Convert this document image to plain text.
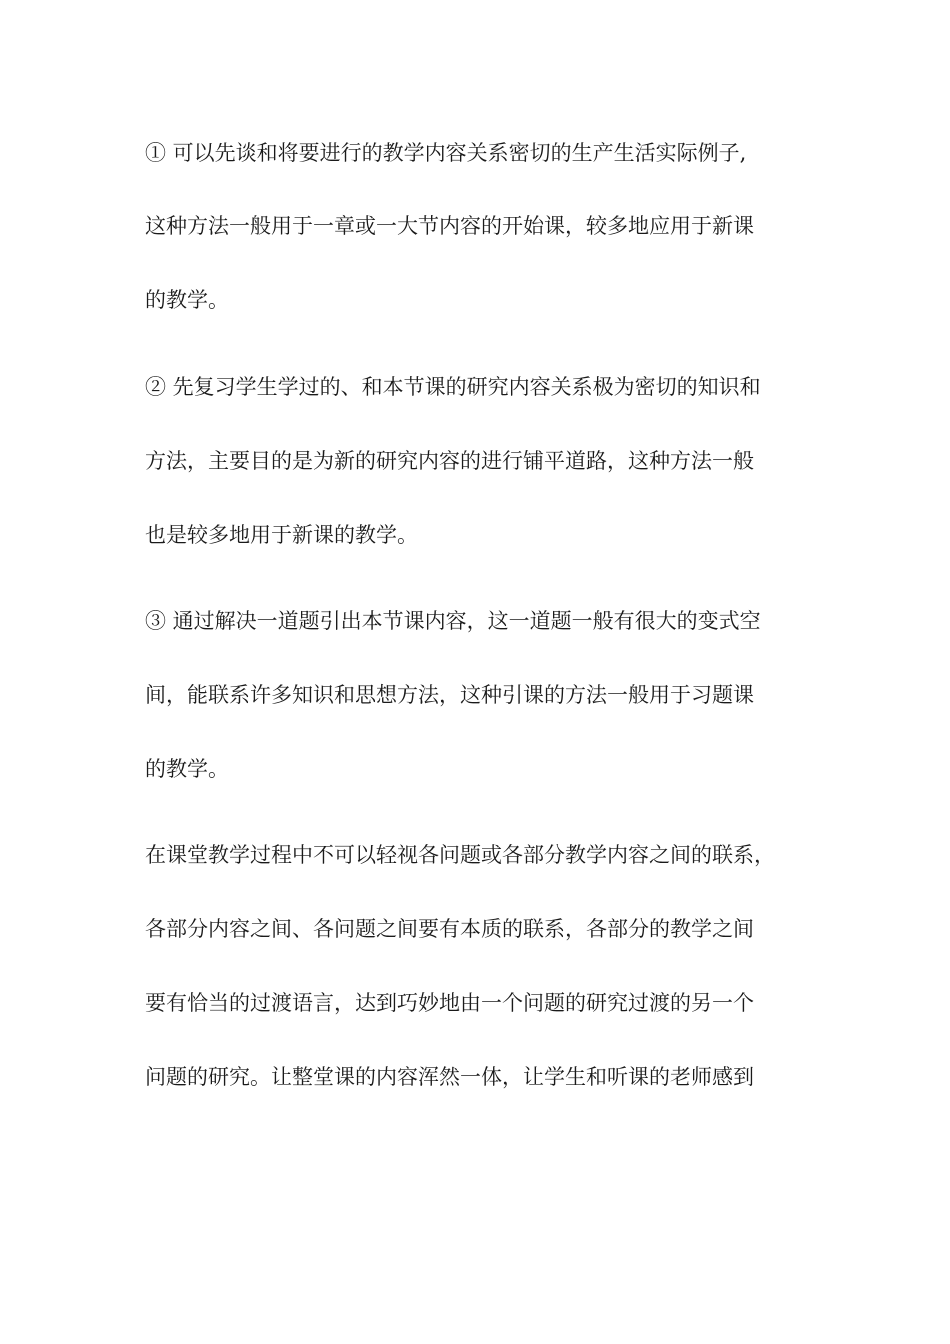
① 可以先谈和将要进行的教学内容关系密切的生产生活实际例子,
这种方法一般用于一章或一大节内容的开始课，较多地应用于新课
的教学。
② 先复习学生学过的、和本节课的研究内容关系极为密切的知识和
方法，主要目的是为新的研究内容的进行铺平道路，这种方法一般
也是较多地用于新课的教学。
③ 通过解决一道题引出本节课内容，这一道题一般有很大的变式空
间，能联系许多知识和思想方法，这种引课的方法一般用于习题课
的教学。
在课堂教学过程中不可以轻视各问题或各部分教学内容之间的联系，
各部分内容之间、各问题之间要有本质的联系，各部分的教学之间
要有恰当的过渡语言，达到巧妙地由一个问题的研究过渡的另一个
问题的研究。让整堂课的内容浑然一体，让学生和听课的老师感到
